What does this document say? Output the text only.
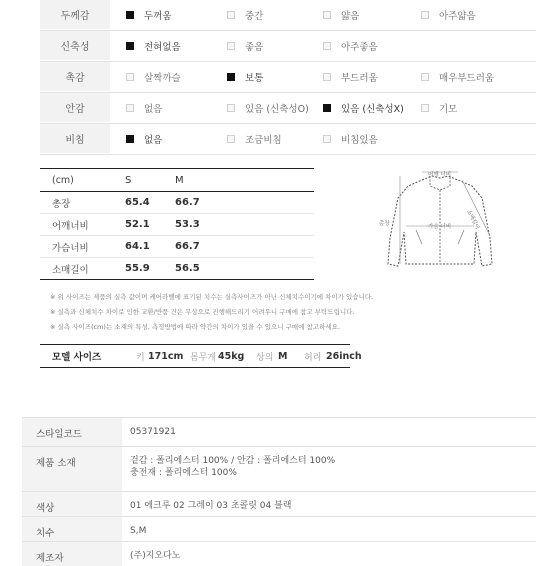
두께감	두꺼움	중간	얇음	아주얇음
신축성	전혀없음	좋음	아주좋음
촉감	살짝까슬	보통	부드러움	매우부드러움
안감	없음	있음 (신축성O)	있음 (신축성X)	기모
비침	없음	조금비침	비침있음
(cm)	S	M
총장	65.4	66.7
어깨너비	52.1	53.3
가슴너비	64.1	66.7
소매길이	55.9	56.5
어깨 너비
총장	가슴 너비	소매길이
※ 위 사이즈는 제품의 실측 값이며 케어라벨에 표기된 치수는 실측사이즈가 아닌 신체치수이기에 차이가 있습니다.
※ 실측과 신체치수 차이로 인한 교환/반품 건은 무상으로 진행해드리기 어려우니 구매에 참고 부탁드립니다.
※ 실측 사이즈(cm)는 소재의 특성, 측정방법에 따라 약간의 차이가 있을 수 있으니 구매에 참고하세요.
모델 사이즈	키 171cm 몸무게 45kg 상의 M 허리 26inch
스타일코드	05371921
제품 소재	겉감 : 폴리에스터 100% / 안감 : 폴리에스터 100%
충전재 : 폴리에스터 100%
색상	01 에크루 02 그레이 03 초콜릿 04 블랙
치수	S,M
제조자	(주)지오다노
